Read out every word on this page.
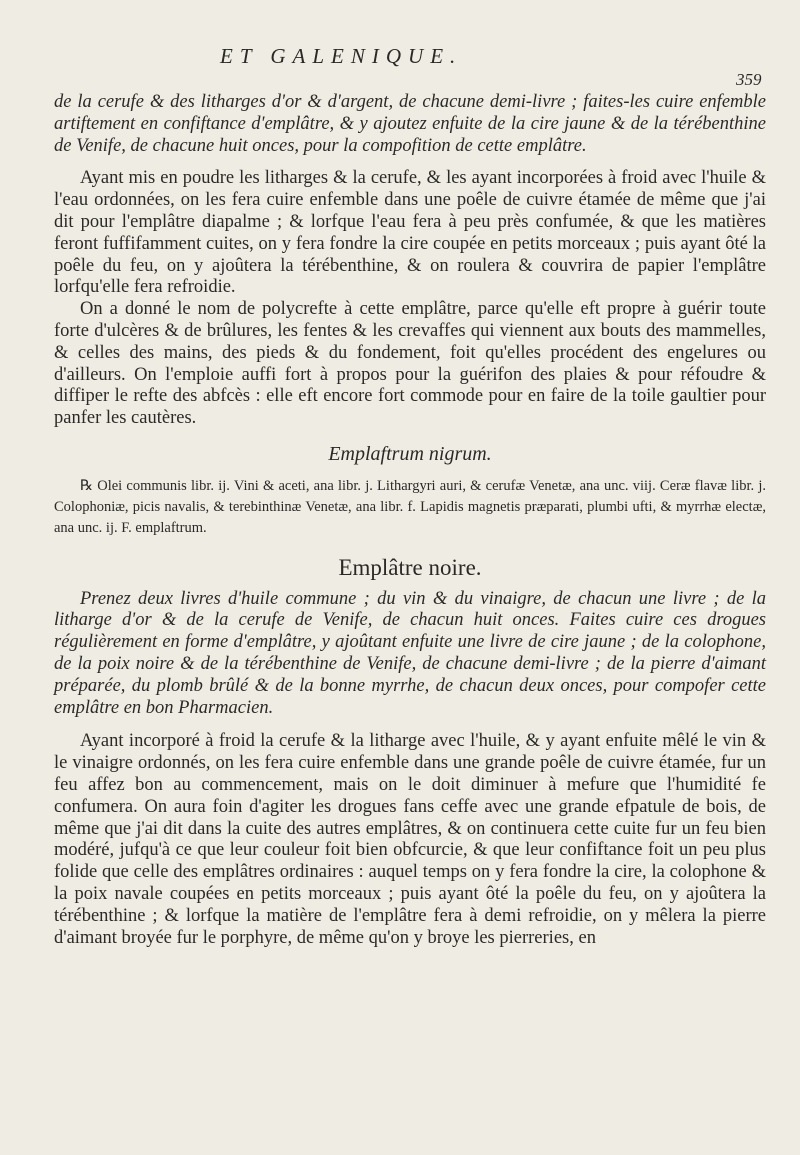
ET GALENIQUE.
359

de la cerufe & des litharges d'or & d'argent, de chacune demi-livre ; faites-les cuire enfemble artiftement en confiftance d'emplâtre, & y ajoutez enfuite de la cire jaune & de la térébenthine de Venife, de chacune huit onces, pour la compofition de cette emplâtre.

Ayant mis en poudre les litharges & la cerufe, & les ayant incorporées à froid avec l'huile & l'eau ordonnées, on les fera cuire enfemble dans une poêle de cuivre étamée de même que j'ai dit pour l'emplâtre diapalme ; & lorfque l'eau fera à peu près confumée, & que les matières feront fuffifamment cuites, on y fera fondre la cire coupée en petits morceaux ; puis ayant ôté la poêle du feu, on y ajoûtera la térébenthine, & on roulera & couvrira de papier l'emplâtre lorfqu'elle fera refroidie.

On a donné le nom de polycrefte à cette emplâtre, parce qu'elle eft propre à guérir toute forte d'ulcères & de brûlures, les fentes & les crevaffes qui viennent aux bouts des mammelles, & celles des mains, des pieds & du fondement, foit qu'elles procédent des engelures ou d'ailleurs. On l'emploie auffi fort à propos pour la guérifon des plaies & pour réfoudre & diffiper le refte des abfcès : elle eft encore fort commode pour en faire de la toile gaultier pour panfer les cautères.

Emplaftrum nigrum.

℞ Olei communis libr. ij. Vini & aceti, ana libr. j. Lithargyri auri, & cerufæ Venetæ, ana unc. viij. Ceræ flavæ libr. j. Colophoniæ, picis navalis, & terebinthinæ Venetæ, ana libr. f. Lapidis magnetis præparati, plumbi ufti, & myrrhæ electæ, ana unc. ij. F. emplaftrum.

Emplâtre noire.

Prenez deux livres d'huile commune ; du vin & du vinaigre, de chacun une livre ; de la litharge d'or & de la cerufe de Venife, de chacun huit onces. Faites cuire ces drogues régulièrement en forme d'emplâtre, y ajoûtant enfuite une livre de cire jaune ; de la colophone, de la poix noire & de la térébenthine de Venife, de chacune demi-livre ; de la pierre d'aimant préparée, du plomb brûlé & de la bonne myrrhe, de chacun deux onces, pour compofer cette emplâtre en bon Pharmacien.

Ayant incorporé à froid la cerufe & la litharge avec l'huile, & y ayant enfuite mêlé le vin & le vinaigre ordonnés, on les fera cuire enfemble dans une grande poêle de cuivre étamée, fur un feu affez bon au commencement, mais on le doit diminuer à mefure que l'humidité fe confumera. On aura foin d'agiter les drogues fans ceffe avec une grande efpatule de bois, de même que j'ai dit dans la cuite des autres emplâtres, & on continuera cette cuite fur un feu bien modéré, jufqu'à ce que leur couleur foit bien obfcurcie, & que leur confiftance foit un peu plus folide que celle des emplâtres ordinaires : auquel temps on y fera fondre la cire, la colophone & la poix navale coupées en petits morceaux ; puis ayant ôté la poêle du feu, on y ajoûtera la térébenthine ; & lorfque la matière de l'emplâtre fera à demi refroidie, on y mêlera la pierre d'aimant broyée fur le porphyre, de même qu'on y broye les pierreries, en
